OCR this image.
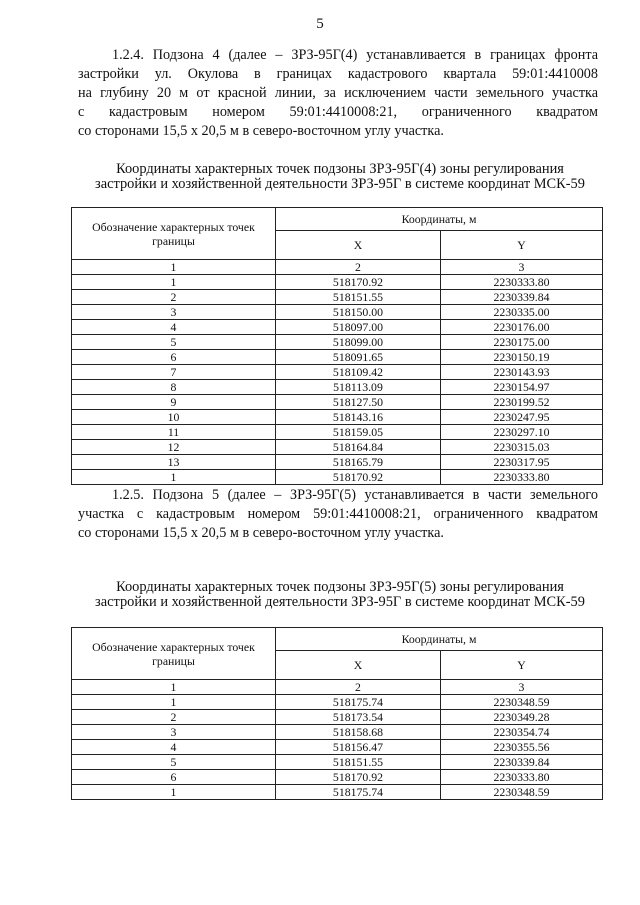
5
1.2.4. Подзона 4 (далее – ЗРЗ-95Г(4) устанавливается в границах фронта
застройки ул. Окулова в границах кадастрового квартала 59:01:4410008
на глубину 20 м от красной линии, за исключением части земельного участка
с кадастровым номером 59:01:4410008:21, ограниченного квадратом
со сторонами 15,5 х 20,5 м в северо-восточном углу участка.
Координаты характерных точек подзоны ЗРЗ-95Г(4) зоны регулирования
застройки и хозяйственной деятельности ЗРЗ-95Г в системе координат МСК-59
Обозначение характерных точек границы	Координаты, м	
	X	Y
1	2	3
1	518170.92	2230333.80
2	518151.55	2230339.84
3	518150.00	2230335.00
4	518097.00	2230176.00
5	518099.00	2230175.00
6	518091.65	2230150.19
7	518109.42	2230143.93
8	518113.09	2230154.97
9	518127.50	2230199.52
10	518143.16	2230247.95
11	518159.05	2230297.10
12	518164.84	2230315.03
13	518165.79	2230317.95
1	518170.92	2230333.80
1.2.5. Подзона 5 (далее – ЗРЗ-95Г(5) устанавливается в части земельного
участка с кадастровым номером 59:01:4410008:21, ограниченного квадратом
со сторонами 15,5 х 20,5 м в северо-восточном углу участка.
Координаты характерных точек подзоны ЗРЗ-95Г(5) зоны регулирования
застройки и хозяйственной деятельности ЗРЗ-95Г в системе координат МСК-59
Обозначение характерных точек границы	Координаты, м	
	X	Y
1	2	3
1	518175.74	2230348.59
2	518173.54	2230349.28
3	518158.68	2230354.74
4	518156.47	2230355.56
5	518151.55	2230339.84
6	518170.92	2230333.80
1	518175.74	2230348.59
